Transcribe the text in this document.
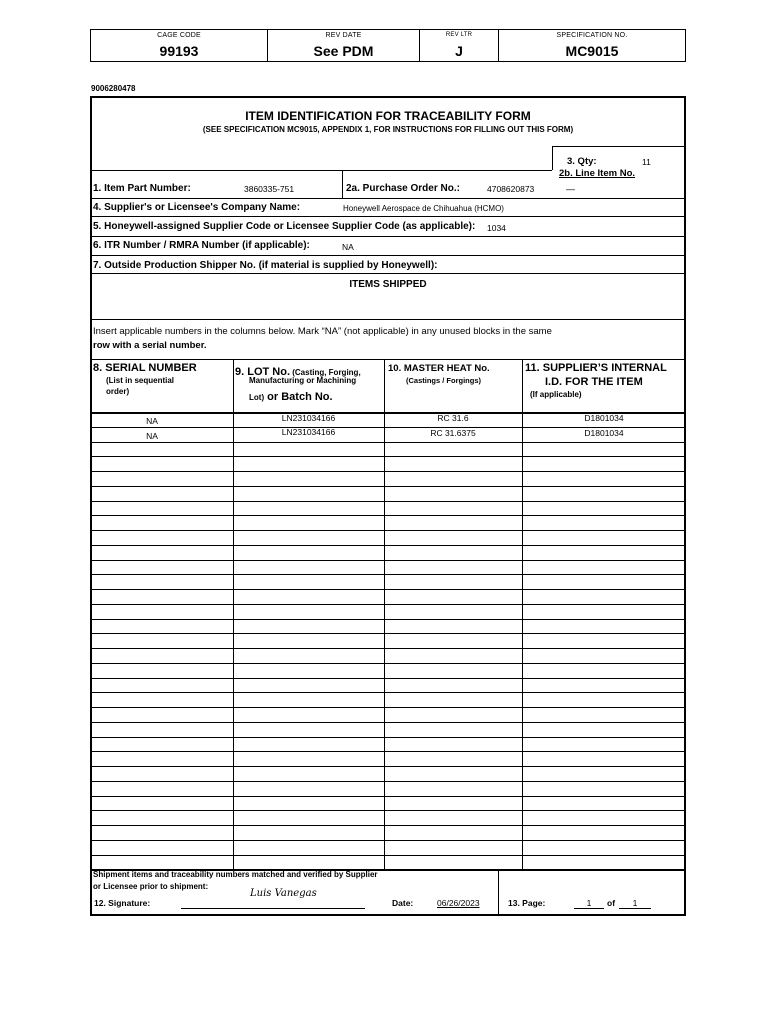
CAGE CODE
99193
REV DATE
See PDM
REV LTR
J
SPECIFICATION NO.
MC9015
9006280478
ITEM IDENTIFICATION FOR TRACEABILITY FORM
(SEE SPECIFICATION MC9015, APPENDIX 1, FOR INSTRUCTIONS FOR FILLING OUT THIS FORM)
3. Qty:	11
2b. Line Item No.
—
1. Item Part Number:	3860335-751	2a. Purchase Order No.:	4708620873
4. Supplier's or Licensee's Company Name:	Honeywell Aerospace de Chihuahua (HCMO)
5. Honeywell-assigned Supplier Code or Licensee Supplier Code (as applicable): 1034
6. ITR Number / RMRA Number (if applicable):	NA
7. Outside Production Shipper No. (if material is supplied by Honeywell):
ITEMS SHIPPED
Insert applicable numbers in the columns below. Mark “NA” (not applicable) in any unused blocks in the same
row with a serial number.
8. SERIAL NUMBER
(List in sequential
order)
9. LOT No. (Casting, Forging,
Manufacturing or Machining
Lot) or Batch No.
10. MASTER HEAT No.
(Castings / Forgings)
11. SUPPLIER’S INTERNAL
I.D. FOR THE ITEM
(If applicable)
NA	LN231034166	RC 31.6	D1801034
NA	LN231034166	RC 31.6375	D1801034
Shipment items and traceability numbers matched and verified by Supplier
or Licensee prior to shipment:
Luis Vanegas
12. Signature:	Date:	06/26/2023	13. Page:	1	of	1
